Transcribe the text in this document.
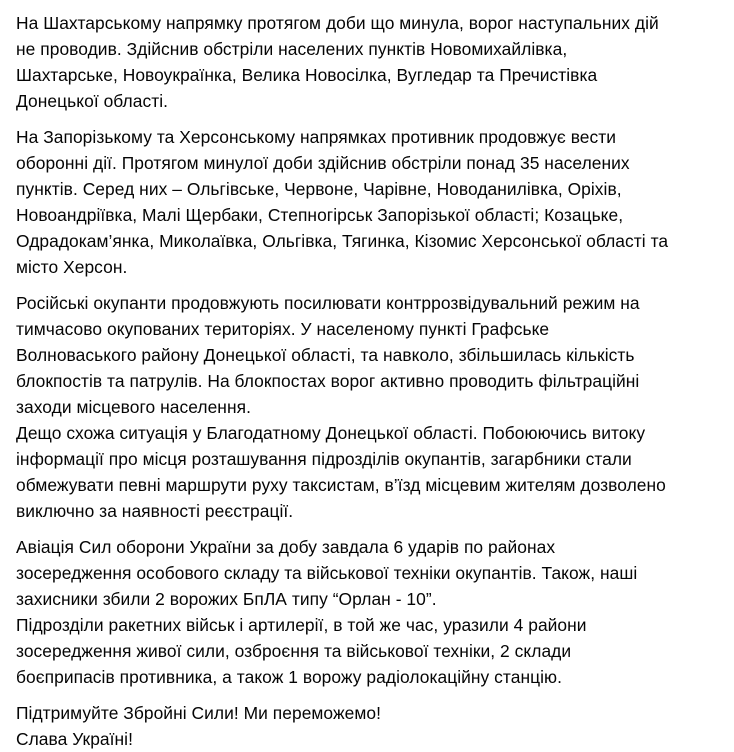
На Шахтарському напрямку протягом доби що минула, ворог наступальних дій
не проводив. Здійснив обстріли населених пунктів Новомихайлівка,
Шахтарське, Новоукраїнка, Велика Новосілка, Вугледар та Пречистівка
Донецької області.
На Запорізькому та Херсонському напрямках противник продовжує вести
оборонні дії. Протягом минулої доби здійснив обстріли понад 35 населених
пунктів. Серед них – Ольгівське, Червоне, Чарівне, Новоданилівка, Оріхів,
Новоандріївка, Малі Щербаки, Степногірськ Запорізької області; Козацьке,
Одрадокам’янка, Миколаївка, Ольгівка, Тягинка, Кізомис Херсонської області та
місто Херсон.
Російські окупанти продовжують посилювати контррозвідувальний режим на
тимчасово окупованих територіях. У населеному пункті Графське
Волноваського району Донецької області, та навколо, збільшилась кількість
блокпостів та патрулів. На блокпостах ворог активно проводить фільтраційні
заходи місцевого населення.
Дещо схожа ситуація у Благодатному Донецької області. Побоюючись витоку
інформації про місця розташування підрозділів окупантів, загарбники стали
обмежувати певні маршрути руху таксистам, в’їзд місцевим жителям дозволено
виключно за наявності реєстрації.
Авіація Сил оборони України за добу завдала 6 ударів по районах
зосередження особового складу та військової техніки окупантів. Також, наші
захисники збили 2 ворожих БпЛА типу “Орлан - 10”.
Підрозділи ракетних військ і артилерії, в той же час, уразили 4 райони
зосередження живої сили, озброєння та військової техніки, 2 склади
боєприпасів противника, а також 1 ворожу радіолокаційну станцію.
Підтримуйте Збройні Сили! Ми переможемо!
Слава Україні!
